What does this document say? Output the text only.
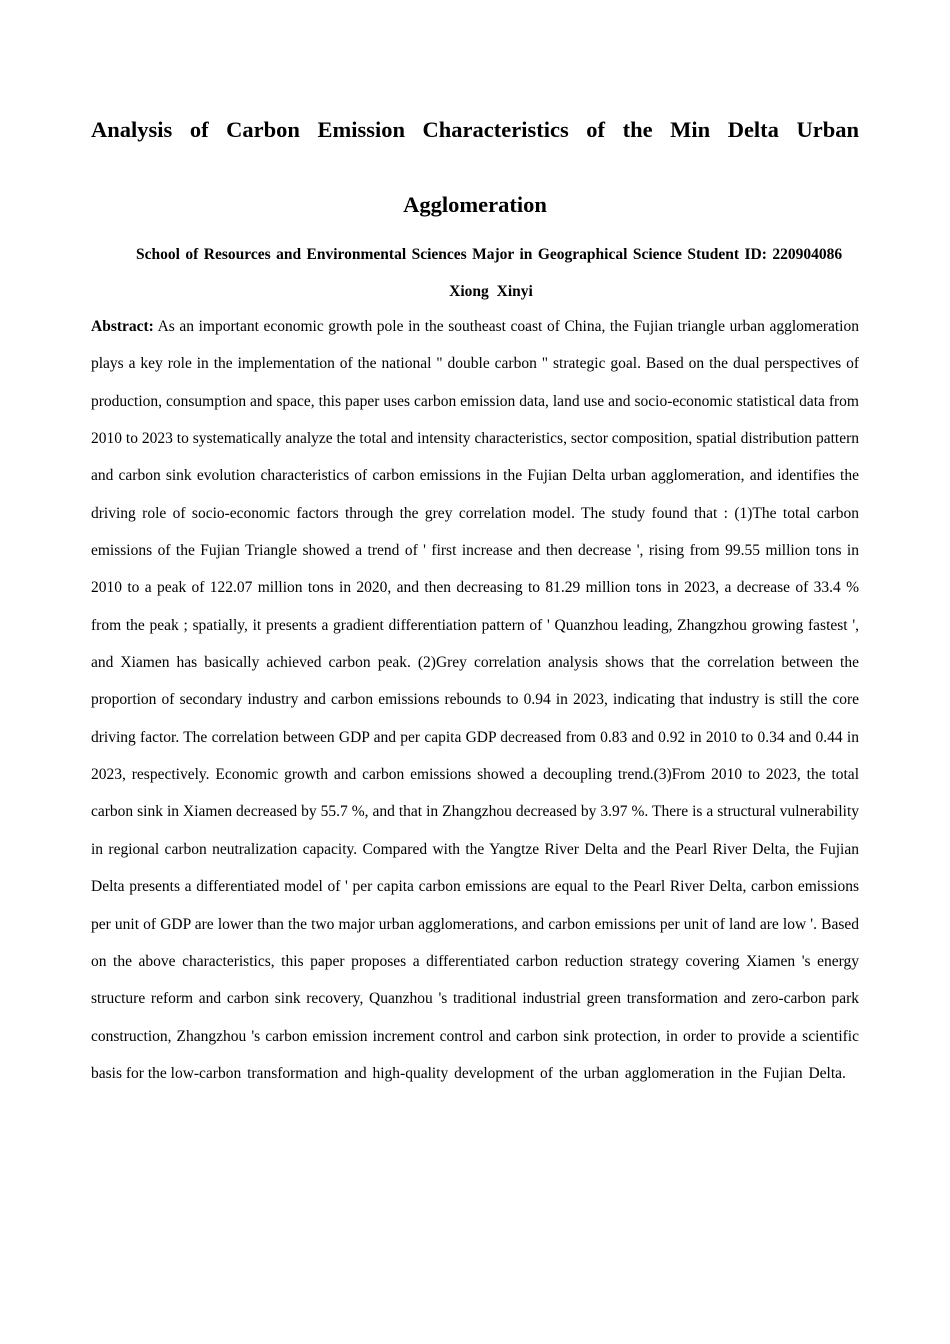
Analysis of Carbon Emission Characteristics of the Min Delta Urban Agglomeration

School of Resources and Environmental Sciences Major in Geographical Science Student ID: 220904086  Xiong Xinyi

Abstract: As an important economic growth pole in the southeast coast of China, the Fujian triangle urban agglomeration plays a key role in the implementation of the national " double carbon " strategic goal. Based on the dual perspectives of production, consumption and space, this paper uses carbon emission data, land use and socio-economic statistical data from 2010 to 2023 to systematically analyze the total and intensity characteristics, sector composition, spatial distribution pattern and carbon sink evolution characteristics of carbon emissions in the Fujian Delta urban agglomeration, and identifies the driving role of socio-economic factors through the grey correlation model. The study found that : (1)The total carbon emissions of the Fujian Triangle showed a trend of ' first increase and then decrease ', rising from 99.55 million tons in 2010 to a peak of 122.07 million tons in 2020, and then decreasing to 81.29 million tons in 2023, a decrease of 33.4 % from the peak ; spatially, it presents a gradient differentiation pattern of ' Quanzhou leading, Zhangzhou growing fastest ', and Xiamen has basically achieved carbon peak. (2)Grey correlation analysis shows that the correlation between the proportion of secondary industry and carbon emissions rebounds to 0.94 in 2023, indicating that industry is still the core driving factor. The correlation between GDP and per capita GDP decreased from 0.83 and 0.92 in 2010 to 0.34 and 0.44 in 2023, respectively. Economic growth and carbon emissions showed a decoupling trend.(3)From 2010 to 2023, the total carbon sink in Xiamen decreased by 55.7 %, and that in Zhangzhou decreased by 3.97 %. There is a structural vulnerability in regional carbon neutralization capacity. Compared with the Yangtze River Delta and the Pearl River Delta, the Fujian Delta presents a differentiated model of ' per capita carbon emissions are equal to the Pearl River Delta, carbon emissions per unit of GDP are lower than the two major urban agglomerations, and carbon emissions per unit of land are low '. Based on the above characteristics, this paper proposes a differentiated carbon reduction strategy covering Xiamen 's energy structure reform and carbon sink recovery, Quanzhou 's traditional industrial green transformation and zero-carbon park construction, Zhangzhou 's carbon emission increment control and carbon sink protection, in order to provide a scientific basis for the low-carbon transformation and high-quality development of the urban agglomeration in the Fujian Delta.
